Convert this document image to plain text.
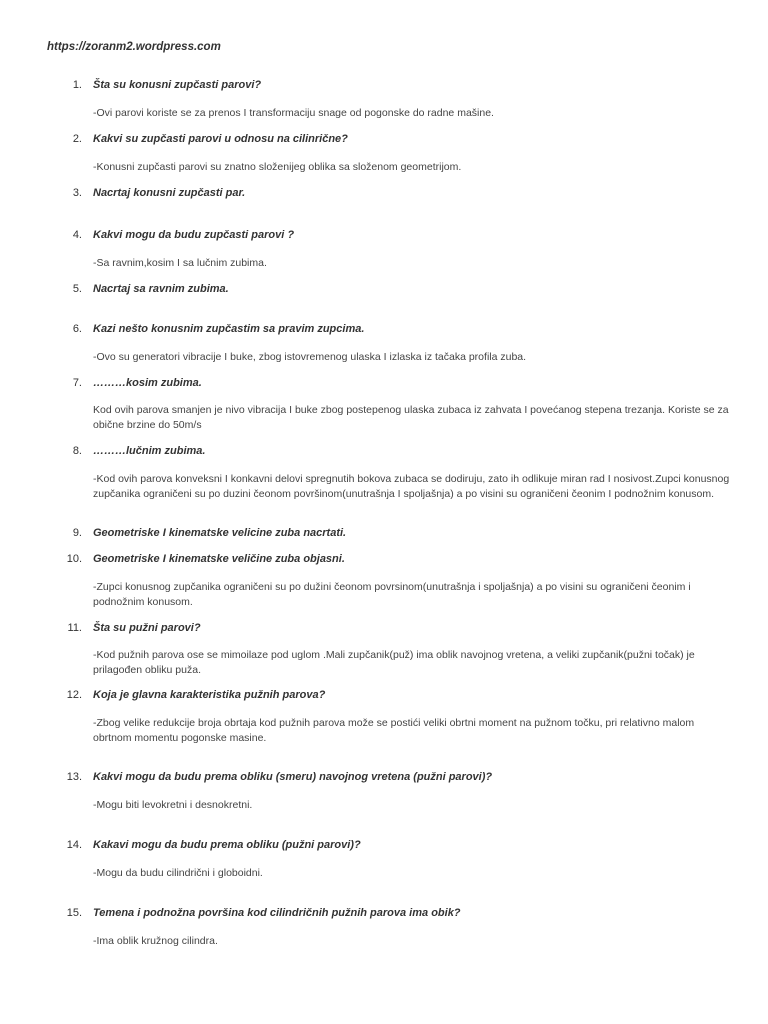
https://zoranm2.wordpress.com
1. Šta su konusni zupčasti parovi?
-Ovi parovi koriste se za prenos I transformaciju snage od pogonske do radne mašine.
2. Kakvi su zupčasti parovi u odnosu na cilinrične?
-Konusni zupčasti parovi su znatno složenijeg oblika sa složenom geometrijom.
3. Nacrtaj konusni zupčasti par.
4. Kakvi mogu da budu zupčasti parovi ?
-Sa ravnim,kosim I sa lučnim zubima.
5. Nacrtaj sa ravnim zubima.
6. Kazi nešto konusnim zupčastim sa pravim zupcima.
-Ovo su generatori vibracije I buke, zbog istovremenog ulaska I izlaska iz tačaka profila zuba.
7. ………kosim zubima.
Kod ovih parova smanjen je nivo vibracija I buke zbog postepenog ulaska zubaca iz zahvata I povećanog stepena trezanja. Koriste se za obične brzine do 50m/s
8. ………lučnim zubima.
-Kod ovih parova konveksni I konkavni delovi spregnutih bokova zubaca se dodiruju, zato ih odlikuje miran rad I nosivost.Zupci konusnog zupčanika ograničeni su po duzini čeonom površinom(unutrašnja I spoljašnja) a po visini su ograničeni čeonim I podnožnim konusom.
9. Geometriske I kinematske velicine zuba nacrtati.
10. Geometriske I kinematske veličine zuba objasni.
-Zupci konusnog zupčanika ograničeni su po dužini čeonom povrsinom(unutrašnja i spoljašnja) a po visini su ograničeni čeonim i podnožnim konusom.
11. Šta su pužni parovi?
-Kod pužnih parova ose se mimoilaze pod uglom .Mali zupčanik(puž) ima oblik navojnog vretena, a veliki zupčanik(pužni točak) je prilagođen obliku puža.
12. Koja je glavna karakteristika pužnih parova?
-Zbog velike redukcije broja obrtaja kod pužnih parova može se postići veliki obrtni moment na pužnom točku, pri relativno malom obrtnom momentu pogonske masine.
13. Kakvi mogu da budu prema obliku (smeru) navojnog vretena (pužni parovi)?
-Mogu biti levokretni i desnokretni.
14. Kakavi mogu da budu prema obliku (pužni parovi)?
-Mogu da budu cilindrični i globoidni.
15. Temena i podnožna površina kod cilindričnih pužnih parova ima obik?
-Ima oblik kružnog cilindra.
